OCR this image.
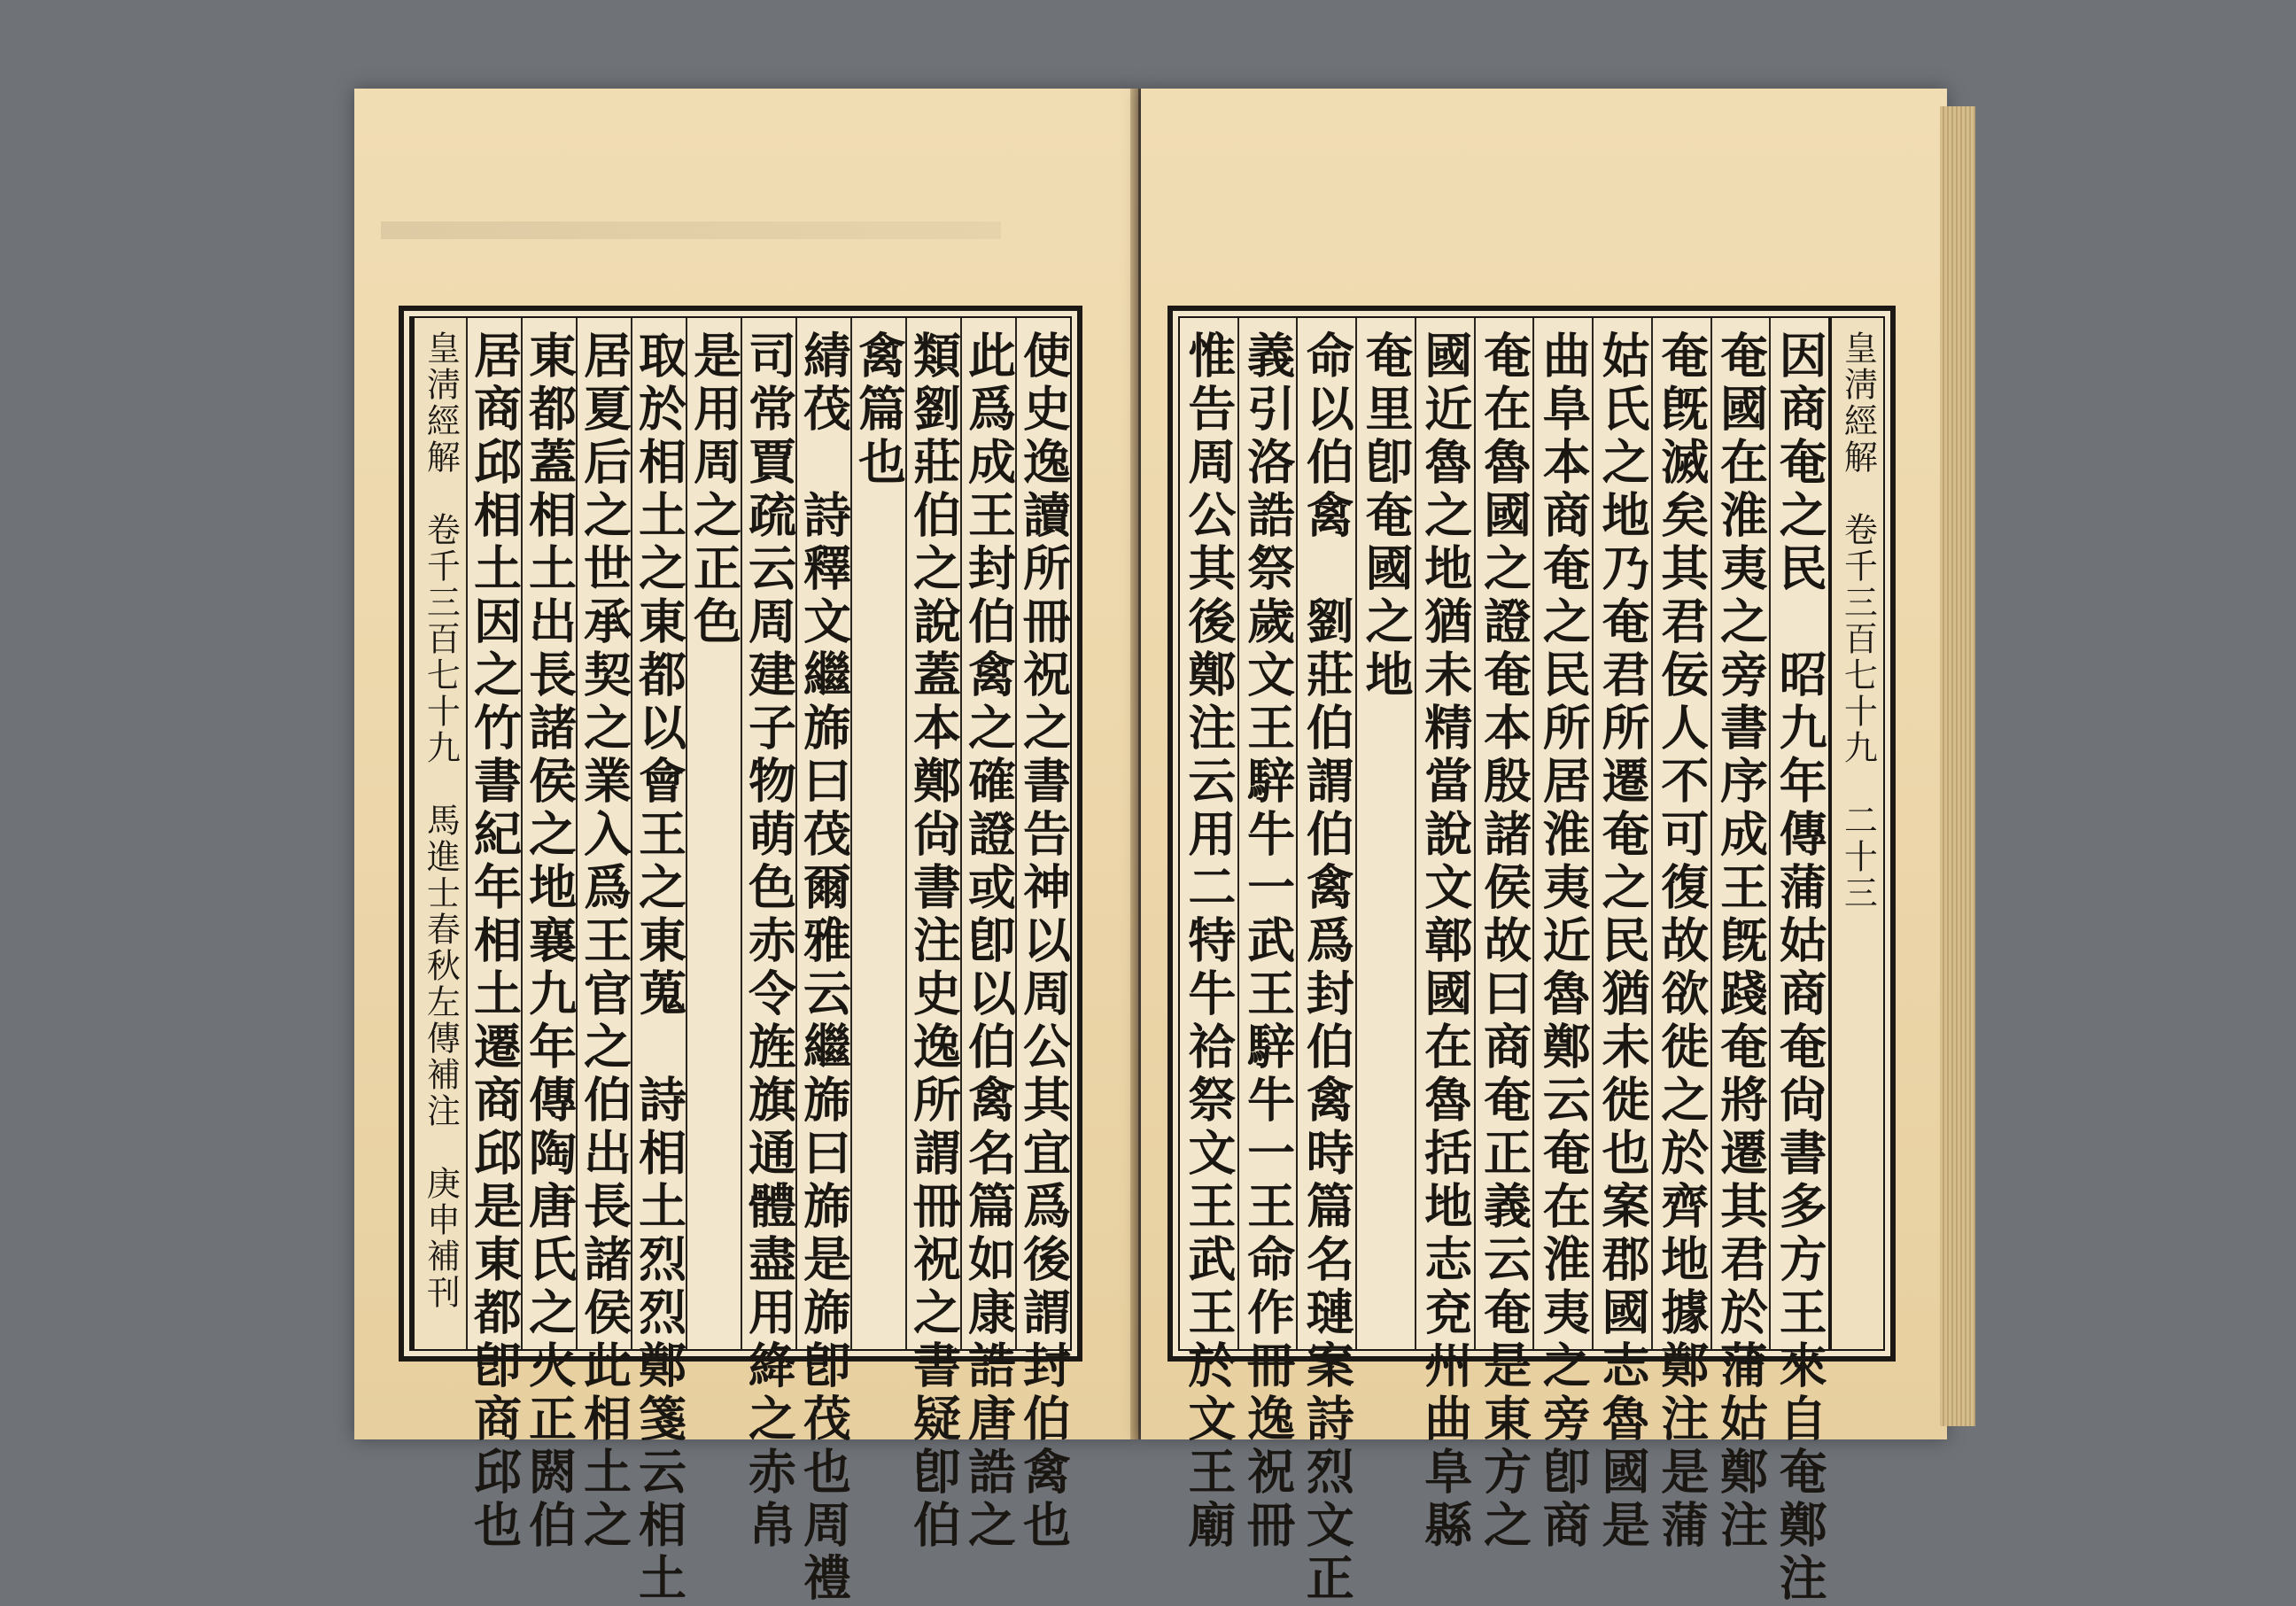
使史逸讀所冊祝之書告神以周公其宜爲後謂封伯禽也
此爲成王封伯禽之確證或卽以伯禽名篇如康誥唐誥之
類劉莊伯之說蓋本鄭尙書注史逸所謂冊祝之書疑卽伯
禽篇也
綪茷　詩釋文繼旆曰茷爾雅云繼旆曰旆是旆卽茷也周禮
司常賈疏云周建子物萌色赤令旌旗通體盡用絳之赤帛
是用周之正色
取於相土之東都以會王之東蒐　詩相土烈烈鄭箋云相土
居夏后之世承契之業入爲王官之伯出長諸侯此相土之
東都蓋相土出長諸侯之地襄九年傳陶唐氏之火正閼伯
居商邱相土因之竹書紀年相土遷商邱是東都卽商邱也
皇淸經解　卷千三百七十九　馬進士春秋左傳補注　庚申補刊
皇淸經解　卷千三百七十九　二十三
因商奄之民　昭九年傳蒲姑商奄尙書多方王來自奄鄭注
奄國在淮夷之旁書序成王旣踐奄將遷其君於蒲姑鄭注
奄旣滅矣其君佞人不可復故欲徙之於齊地據鄭注是蒲
姑氏之地乃奄君所遷奄之民猶未徙也案郡國志魯國是
曲阜本商奄之民所居淮夷近魯鄭云奄在淮夷之旁卽商
奄在魯國之證奄本殷諸侯故曰商奄正義云奄是東方之
國近魯之地猶未精當說文鄣國在魯括地志兗州曲阜縣
奄里卽奄國之地
命以伯禽　劉莊伯謂伯禽爲封伯禽時篇名璉案詩烈文正
義引洛誥祭歲文王騂牛一武王騂牛一王命作冊逸祝冊
惟告周公其後鄭注云用二特牛祫祭文王武王於文王廟
